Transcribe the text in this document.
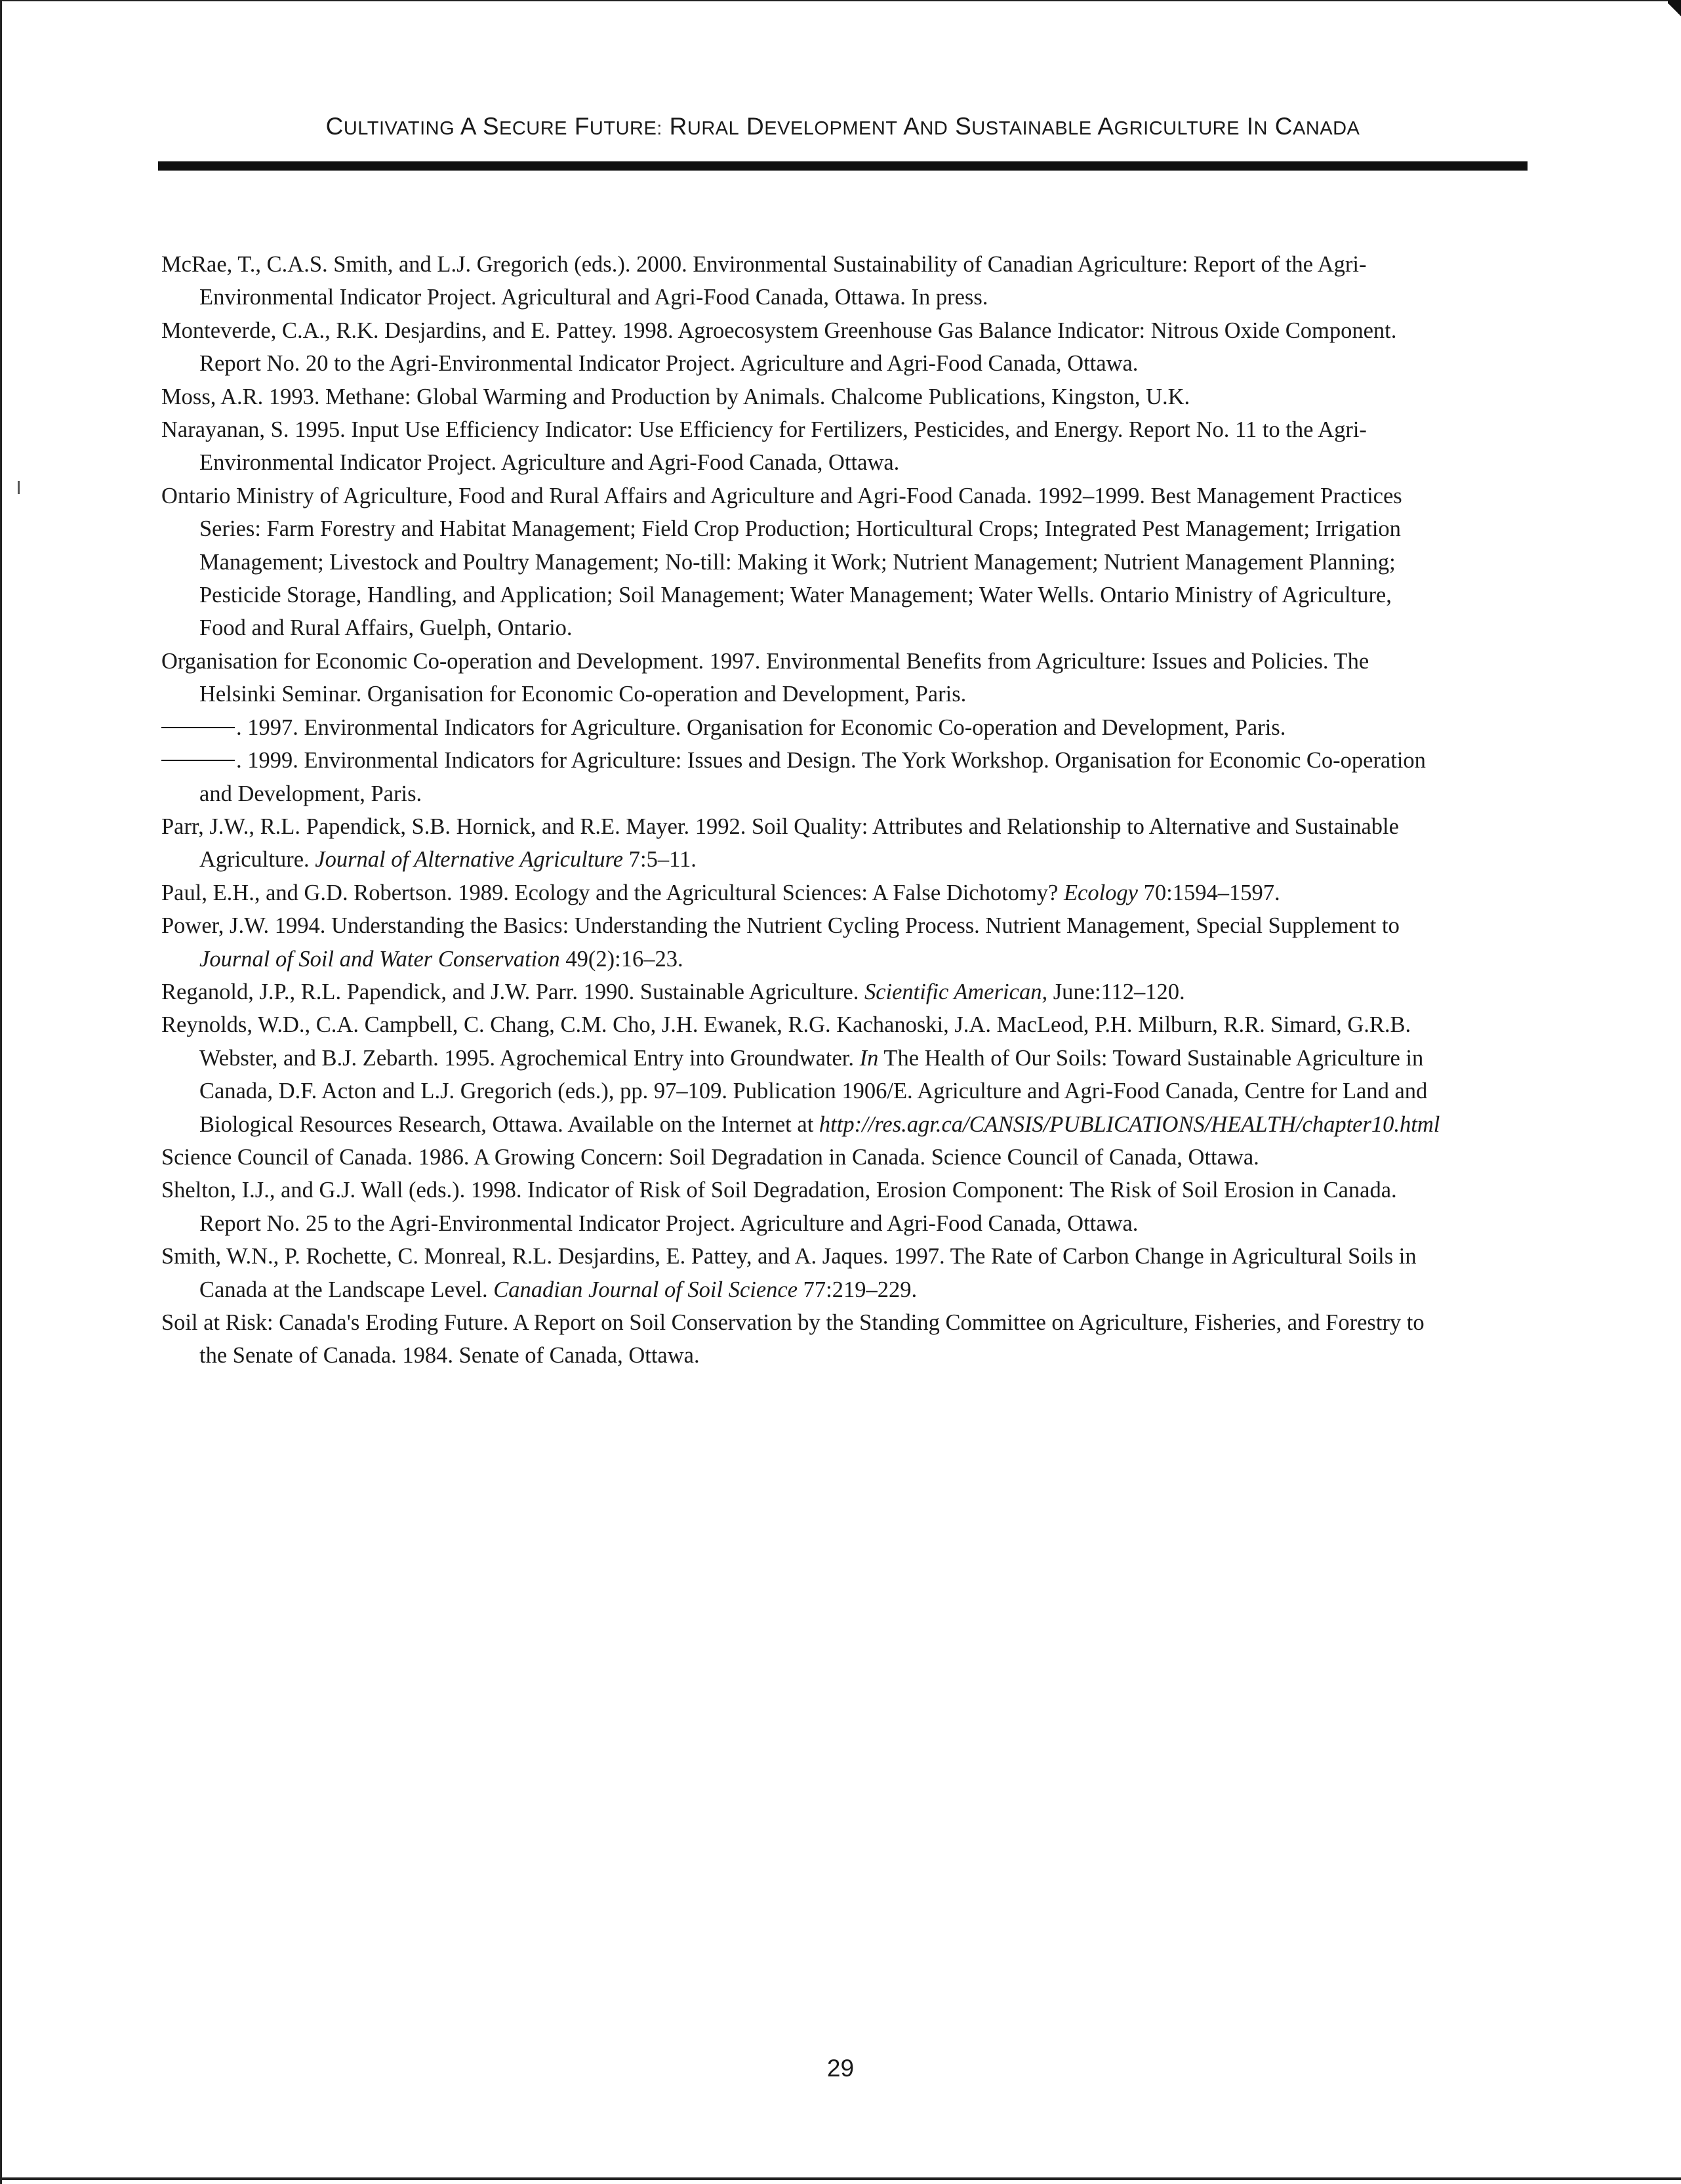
CULTIVATING A SECURE FUTURE: RURAL DEVELOPMENT AND SUSTAINABLE AGRICULTURE IN CANADA

McRae, T., C.A.S. Smith, and L.J. Gregorich (eds.). 2000. Environmental Sustainability of Canadian Agriculture: Report of the Agri-Environmental Indicator Project. Agricultural and Agri-Food Canada, Ottawa. In press.

Monteverde, C.A., R.K. Desjardins, and E. Pattey. 1998. Agroecosystem Greenhouse Gas Balance Indicator: Nitrous Oxide Component. Report No. 20 to the Agri-Environmental Indicator Project. Agriculture and Agri-Food Canada, Ottawa.

Moss, A.R. 1993. Methane: Global Warming and Production by Animals. Chalcome Publications, Kingston, U.K.

Narayanan, S. 1995. Input Use Efficiency Indicator: Use Efficiency for Fertilizers, Pesticides, and Energy. Report No. 11 to the Agri-Environmental Indicator Project. Agriculture and Agri-Food Canada, Ottawa.

Ontario Ministry of Agriculture, Food and Rural Affairs and Agriculture and Agri-Food Canada. 1992–1999. Best Management Practices Series: Farm Forestry and Habitat Management; Field Crop Production; Horticultural Crops; Integrated Pest Management; Irrigation Management; Livestock and Poultry Management; No-till: Making it Work; Nutrient Management; Nutrient Management Planning; Pesticide Storage, Handling, and Application; Soil Management; Water Management; Water Wells. Ontario Ministry of Agriculture, Food and Rural Affairs, Guelph, Ontario.

Organisation for Economic Co-operation and Development. 1997. Environmental Benefits from Agriculture: Issues and Policies. The Helsinki Seminar. Organisation for Economic Co-operation and Development, Paris.

. 1997. Environmental Indicators for Agriculture. Organisation for Economic Co-operation and Development, Paris.

. 1999. Environmental Indicators for Agriculture: Issues and Design. The York Workshop. Organisation for Economic Co-operation and Development, Paris.

Parr, J.W., R.L. Papendick, S.B. Hornick, and R.E. Mayer. 1992. Soil Quality: Attributes and Relationship to Alternative and Sustainable Agriculture. Journal of Alternative Agriculture 7:5–11.

Paul, E.H., and G.D. Robertson. 1989. Ecology and the Agricultural Sciences: A False Dichotomy? Ecology 70:1594–1597.

Power, J.W. 1994. Understanding the Basics: Understanding the Nutrient Cycling Process. Nutrient Management, Special Supplement to Journal of Soil and Water Conservation 49(2):16–23.

Reganold, J.P., R.L. Papendick, and J.W. Parr. 1990. Sustainable Agriculture. Scientific American, June:112–120.

Reynolds, W.D., C.A. Campbell, C. Chang, C.M. Cho, J.H. Ewanek, R.G. Kachanoski, J.A. MacLeod, P.H. Milburn, R.R. Simard, G.R.B. Webster, and B.J. Zebarth. 1995. Agrochemical Entry into Groundwater. In The Health of Our Soils: Toward Sustainable Agriculture in Canada, D.F. Acton and L.J. Gregorich (eds.), pp. 97–109. Publication 1906/E. Agriculture and Agri-Food Canada, Centre for Land and Biological Resources Research, Ottawa. Available on the Internet at http://res.agr.ca/CANSIS/PUBLICATIONS/HEALTH/chapter10.html

Science Council of Canada. 1986. A Growing Concern: Soil Degradation in Canada. Science Council of Canada, Ottawa.

Shelton, I.J., and G.J. Wall (eds.). 1998. Indicator of Risk of Soil Degradation, Erosion Component: The Risk of Soil Erosion in Canada. Report No. 25 to the Agri-Environmental Indicator Project. Agriculture and Agri-Food Canada, Ottawa.

Smith, W.N., P. Rochette, C. Monreal, R.L. Desjardins, E. Pattey, and A. Jaques. 1997. The Rate of Carbon Change in Agricultural Soils in Canada at the Landscape Level. Canadian Journal of Soil Science 77:219–229.

Soil at Risk: Canada's Eroding Future. A Report on Soil Conservation by the Standing Committee on Agriculture, Fisheries, and Forestry to the Senate of Canada. 1984. Senate of Canada, Ottawa.

29
